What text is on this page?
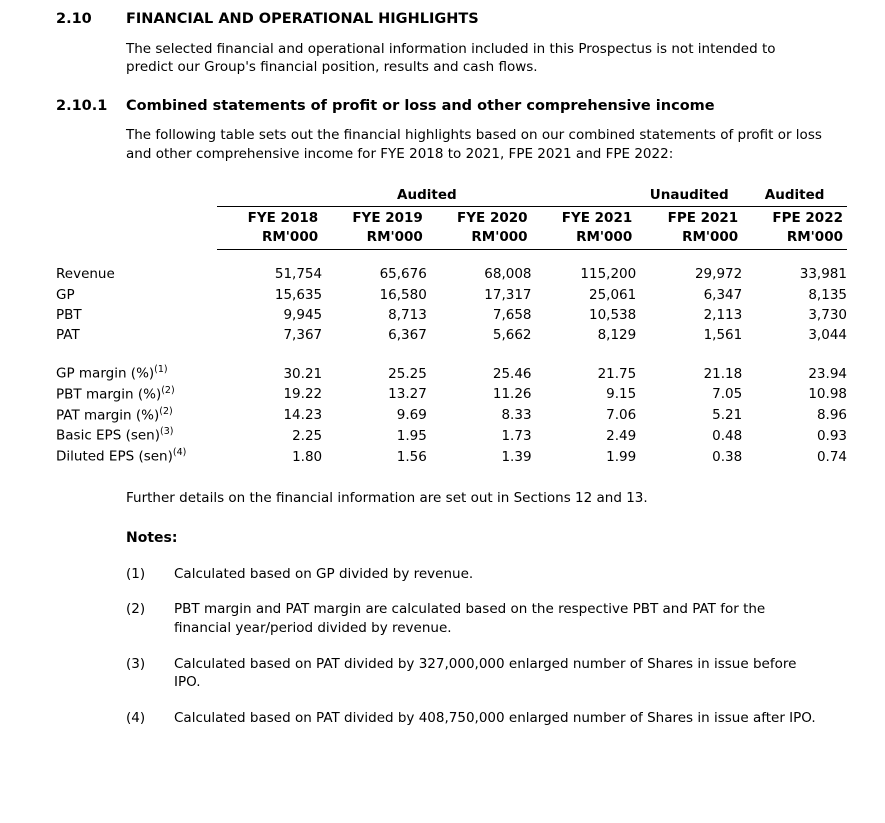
2.10	FINANCIAL AND OPERATIONAL HIGHLIGHTS
The selected financial and operational information included in this Prospectus is not intended to predict our Group's financial position, results and cash flows.
2.10.1	Combined statements of profit or loss and other comprehensive income
The following table sets out the financial highlights based on our combined statements of profit or loss and other comprehensive income for FYE 2018 to 2021, FPE 2021 and FPE 2022:
	Audited				Unaudited	Audited
	FYE 2018	FYE 2019	FYE 2020	FYE 2021	FPE 2021	FPE 2022
	RM'000	RM'000	RM'000	RM'000	RM'000	RM'000

Revenue	51,754	65,676	68,008	115,200	29,972	33,981
GP	15,635	16,580	17,317	25,061	6,347	8,135
PBT	9,945	8,713	7,658	10,538	2,113	3,730
PAT	7,367	6,367	5,662	8,129	1,561	3,044

GP margin (%)$^{(1)}$	30.21	25.25	25.46	21.75	21.18	23.94
PBT margin (%)$^{(2)}$	19.22	13.27	11.26	9.15	7.05	10.98
PAT margin (%)$^{(2)}$	14.23	9.69	8.33	7.06	5.21	8.96
Basic EPS (sen)$^{(3)}$	2.25	1.95	1.73	2.49	0.48	0.93
Diluted EPS (sen)$^{(4)}$	1.80	1.56	1.39	1.99	0.38	0.74
Further details on the financial information are set out in Sections 12 and 13.
Notes:
(1)	Calculated based on GP divided by revenue.
(2)	PBT margin and PAT margin are calculated based on the respective PBT and PAT for the financial year/period divided by revenue.
(3)	Calculated based on PAT divided by 327,000,000 enlarged number of Shares in issue before IPO.
(4)	Calculated based on PAT divided by 408,750,000 enlarged number of Shares in issue after IPO.
